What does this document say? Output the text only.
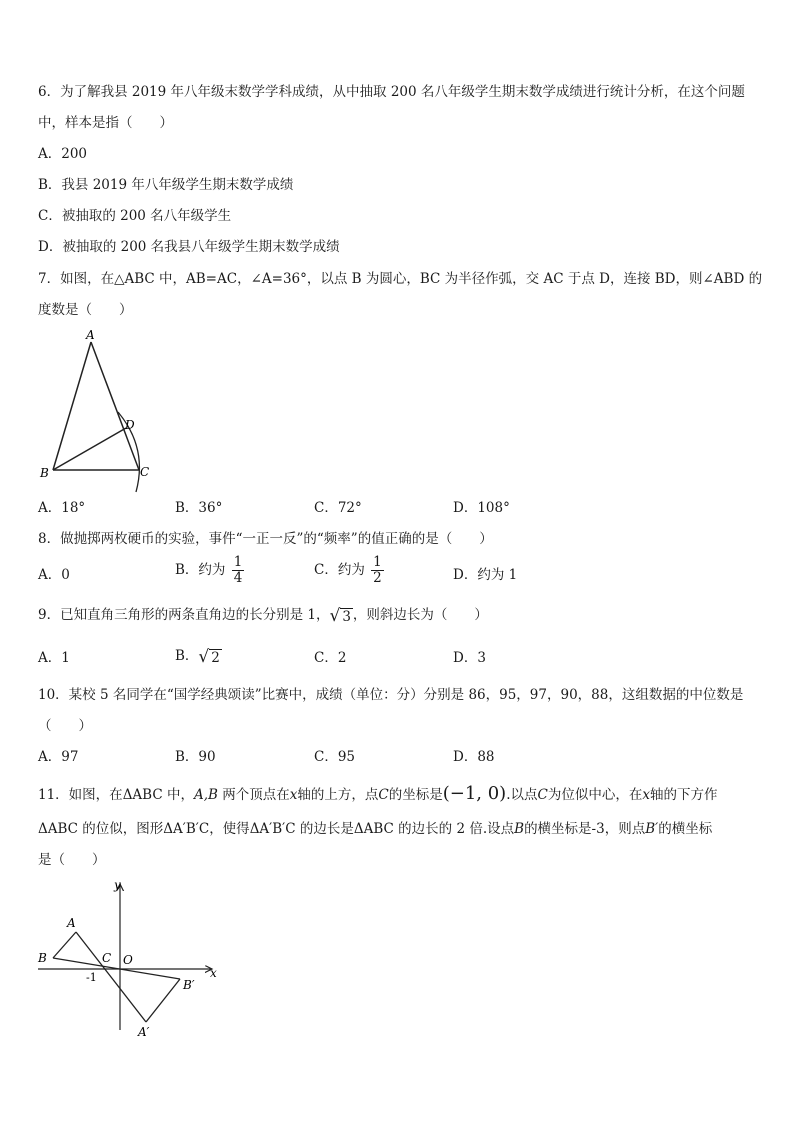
6．为了解我县 2019 年八年级末数学学科成绩，从中抽取 200 名八年级学生期末数学成绩进行统计分析，在这个问题
中，样本是指（　　）
A．200
B．我县 2019 年八年级学生期末数学成绩
C．被抽取的 200 名八年级学生
D．被抽取的 200 名我县八年级学生期末数学成绩
7．如图，在△ABC 中，AB=AC，∠A=36°，以点 B 为圆心，BC 为半径作弧，交 AC 于点 D，连接 BD，则∠ABD 的
度数是（　　）
A
B	C
D
A．18°	B．36°	C．72°	D．108°
8．做抛掷两枚硬币的实验，事件“一正一反”的“频率”的值正确的是（　　）
A．0	B．约为 $\frac{1}{4}$	C．约为 $\frac{1}{2}$	D．约为 1
9．已知直角三角形的两条直角边的长分别是 1， √ 3 ，则斜边长为（　　）
A．1	B． √ 2	C．2	D．3
10．某校 5 名同学在“国学经典颂读”比赛中，成绩（单位：分）分别是 86，95，97，90，88，这组数据的中位数是
（　　）
A．97	B．90	C．95	D．88
11．如图，在ΔABC 中，A,B 两个顶点在x轴的上方，点C的坐标是(−1, 0).以点C为位似中心，在x轴的下方作
ΔABC 的位似，图形ΔA′B′C，使得ΔA′B′C 的边长是ΔABC 的边长的 2 倍.设点B的横坐标是-3，则点B′的横坐标
是（　　）
y
x
A
B	C O
-1
B′
A′
